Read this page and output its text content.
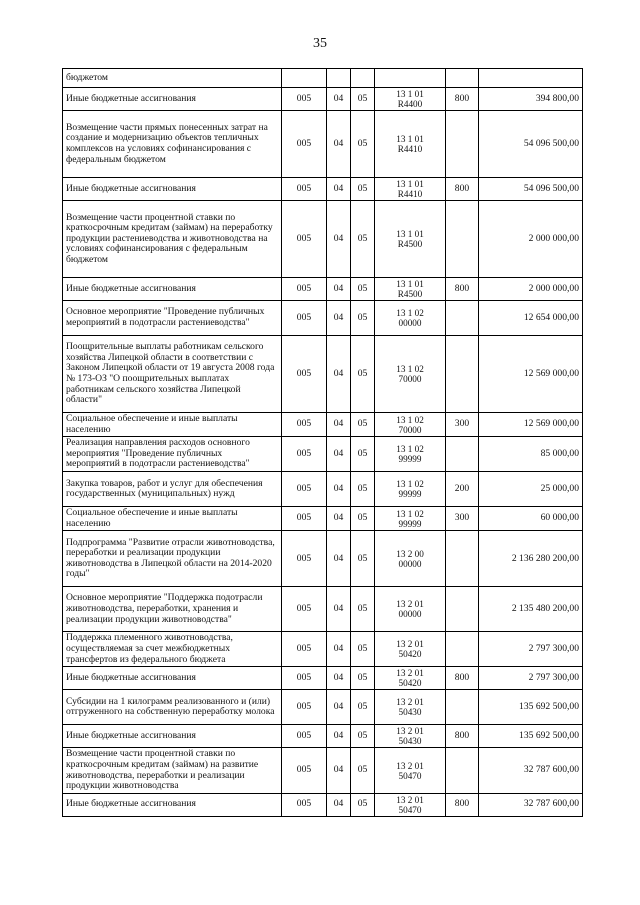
35
бюджетом				

Иные бюджетные ассигнования	005	04	05	13 1 01
R4400	800	394 800,00
Возмещение части прямых понесенных затрат на создание и модернизацию объектов тепличных комплексов на условиях софинансирования с федеральным бюджетом	005	04	05	13 1 01
R4410		54 096 500,00
Иные бюджетные ассигнования	005	04	05	13 1 01
R4410	800	54 096 500,00
Возмещение части процентной ставки по краткосрочным кредитам (займам) на переработку продукции растениеводства и животноводства на условиях софинансирования с федеральным бюджетом	005	04	05	13 1 01
R4500		2 000 000,00
Иные бюджетные ассигнования	005	04	05	13 1 01
R4500	800	2 000 000,00
Основное мероприятие "Проведение публичных мероприятий в подотрасли растениеводства"	005	04	05	13 1 02
00000		12 654 000,00
Поощрительные выплаты работникам сельского хозяйства Липецкой области в соответствии с Законом Липецкой области от 19 августа 2008 года № 173-ОЗ "О поощрительных выплатах работникам сельского хозяйства Липецкой области"	005	04	05	13 1 02
70000		12 569 000,00
Социальное обеспечение и иные выплаты населению	005	04	05	13 1 02
70000	300	12 569 000,00
Реализация направления расходов основного мероприятия "Проведение публичных мероприятий в подотрасли растениеводства"	005	04	05	13 1 02
99999		85 000,00
Закупка товаров, работ и услуг для обеспечения государственных (муниципальных) нужд	005	04	05	13 1 02
99999	200	25 000,00
Социальное обеспечение и иные выплаты населению	005	04	05	13 1 02
99999	300	60 000,00
Подпрограмма "Развитие отрасли животноводства, переработки и реализации продукции животноводства в Липецкой области на 2014-2020 годы"	005	04	05	13 2 00
00000		2 136 280 200,00
Основное мероприятие "Поддержка подотрасли животноводства, переработки, хранения и реализации продукции животноводства"	005	04	05	13 2 01
00000		2 135 480 200,00
Поддержка племенного животноводства, осуществляемая за счет межбюджетных трансфертов из федерального бюджета	005	04	05	13 2 01
50420		2 797 300,00
Иные бюджетные ассигнования	005	04	05	13 2 01
50420	800	2 797 300,00
Субсидии на 1 килограмм реализованного и (или) отгруженного на собственную переработку молока	005	04	05	13 2 01
50430		135 692 500,00
Иные бюджетные ассигнования	005	04	05	13 2 01
50430	800	135 692 500,00
Возмещение части процентной ставки по краткосрочным кредитам (займам) на развитие животноводства, переработки и реализации продукции животноводства	005	04	05	13 2 01
50470		32 787 600,00
Иные бюджетные ассигнования	005	04	05	13 2 01
50470	800	32 787 600,00
